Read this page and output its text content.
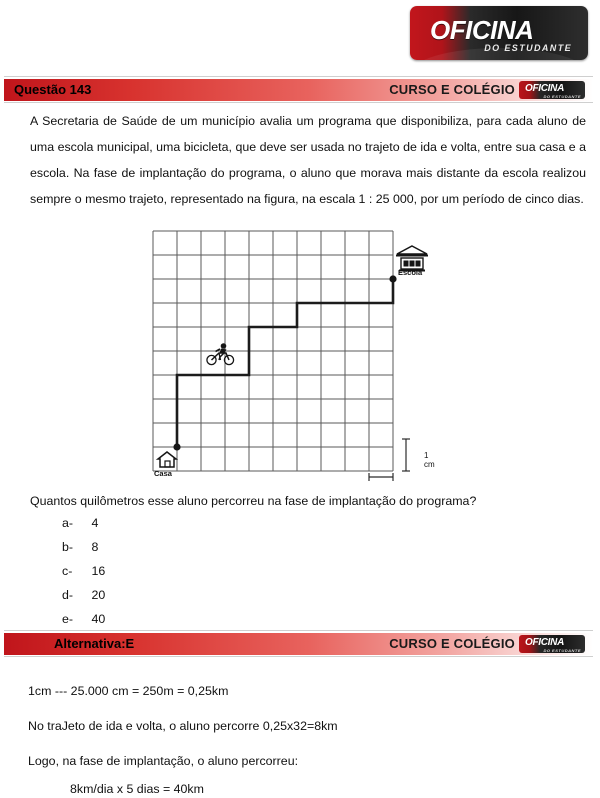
OFICINA
DO ESTUDANTE
Questão 143	CURSO E COLÉGIO OFICINA
DO ESTUDANTE
A Secretaria de Saúde de um município avalia um programa que disponibiliza, para cada aluno de uma escola municipal, uma bicicleta, que deve ser usada no trajeto de ida e volta, entre sua casa e a escola. Na fase de implantação do programa, o aluno que morava mais distante da escola realizou sempre o mesmo trajeto, representado na figura, na escala 1 : 25 000, por um período de cinco dias.
Casa
Escola
1 cm
Quantos quilômetros esse aluno percorreu na fase de implantação do programa?
a- 4
b- 8
c- 16
d- 20
e- 40
Alternativa:E	CURSO E COLÉGIO OFICINA
DO ESTUDANTE
1cm --- 25.000 cm = 250m = 0,25km
No traJeto de ida e volta, o aluno percorre 0,25x32=8km
Logo, na fase de implantação, o aluno percorreu:
8km/dia x 5 dias = 40km
